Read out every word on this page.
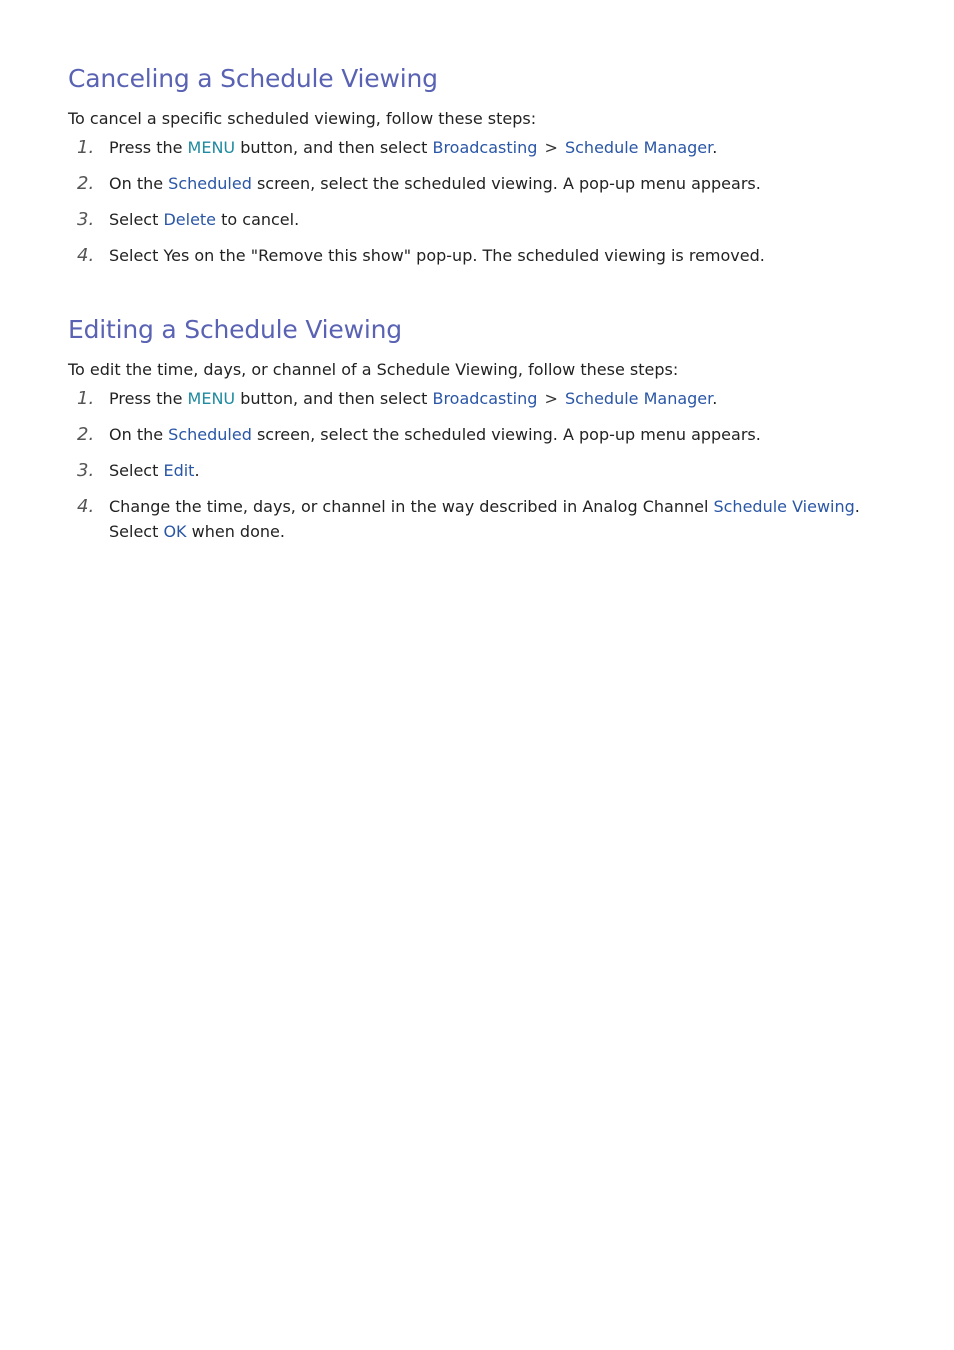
Canceling a Schedule Viewing

To cancel a specific scheduled viewing, follow these steps:

1. Press the MENU button, and then select Broadcasting > Schedule Manager.
2. On the Scheduled screen, select the scheduled viewing. A pop-up menu appears.
3. Select Delete to cancel.
4. Select Yes on the "Remove this show" pop-up. The scheduled viewing is removed.
Editing a Schedule Viewing

To edit the time, days, or channel of a Schedule Viewing, follow these steps:

1. Press the MENU button, and then select Broadcasting > Schedule Manager.
2. On the Scheduled screen, select the scheduled viewing. A pop-up menu appears.
3. Select Edit.
4. Change the time, days, or channel in the way described in Analog Channel Schedule Viewing. Select OK when done.
